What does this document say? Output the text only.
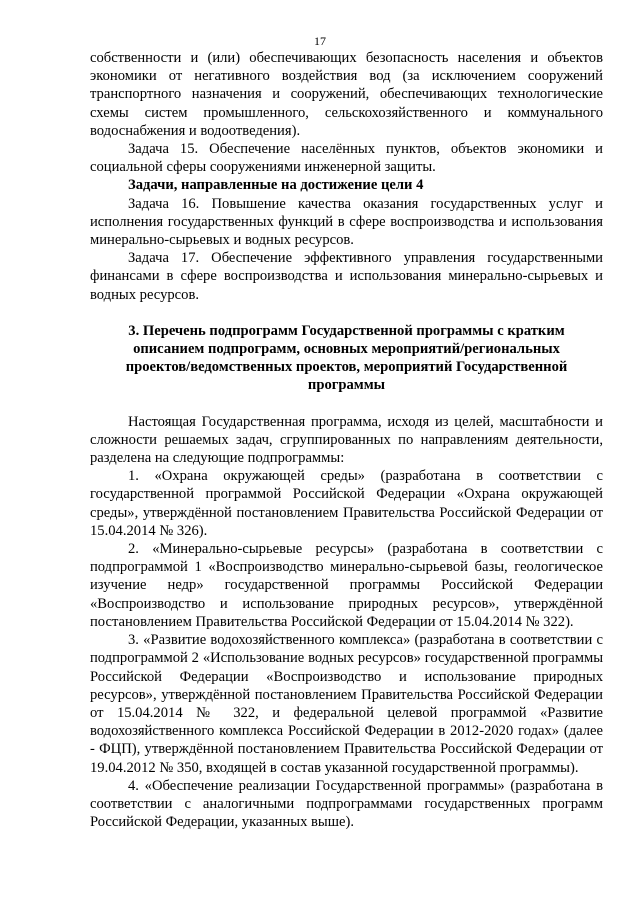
17

собственности и (или) обеспечивающих безопасность населения и объектов экономики от негативного воздействия вод (за исключением сооружений транспортного назначения и сооружений, обеспечивающих технологические схемы систем промышленного, сельскохозяйственного и коммунального водоснабжения и водоотведения).

Задача 15. Обеспечение населённых пунктов, объектов экономики и социальной сферы сооружениями инженерной защиты.

Задачи, направленные на достижение цели 4

Задача 16. Повышение качества оказания государственных услуг и исполнения государственных функций в сфере воспроизводства и использования минерально-сырьевых и водных ресурсов.

Задача 17. Обеспечение эффективного управления государственными финансами в сфере воспроизводства и использования минерально-сырьевых и водных ресурсов.

3. Перечень подпрограмм Государственной программы с кратким описанием подпрограмм, основных мероприятий/региональных проектов/ведомственных проектов, мероприятий Государственной программы

Настоящая Государственная программа, исходя из целей, масштабности и сложности решаемых задач, сгруппированных по направлениям деятельности, разделена на следующие подпрограммы:

1. «Охрана окружающей среды» (разработана в соответствии с государственной программой Российской Федерации «Охрана окружающей среды», утверждённой постановлением Правительства Российской Федерации от 15.04.2014 № 326).

2. «Минерально-сырьевые ресурсы» (разработана в соответствии с подпрограммой 1 «Воспроизводство минерально-сырьевой базы, геологическое изучение недр» государственной программы Российской Федерации «Воспроизводство и использование природных ресурсов», утверждённой постановлением Правительства Российской Федерации от 15.04.2014 № 322).

3. «Развитие водохозяйственного комплекса» (разработана в соответствии с подпрограммой 2 «Использование водных ресурсов» государственной программы Российской Федерации «Воспроизводство и использование природных ресурсов», утверждённой постановлением Правительства Российской Федерации от 15.04.2014 № 322, и федеральной целевой программой «Развитие водохозяйственного комплекса Российской Федерации в 2012-2020 годах» (далее - ФЦП), утверждённой постановлением Правительства Российской Федерации от 19.04.2012 № 350, входящей в состав указанной государственной программы).

4. «Обеспечение реализации Государственной программы» (разработана в соответствии с аналогичными подпрограммами государственных программ Российской Федерации, указанных выше).
